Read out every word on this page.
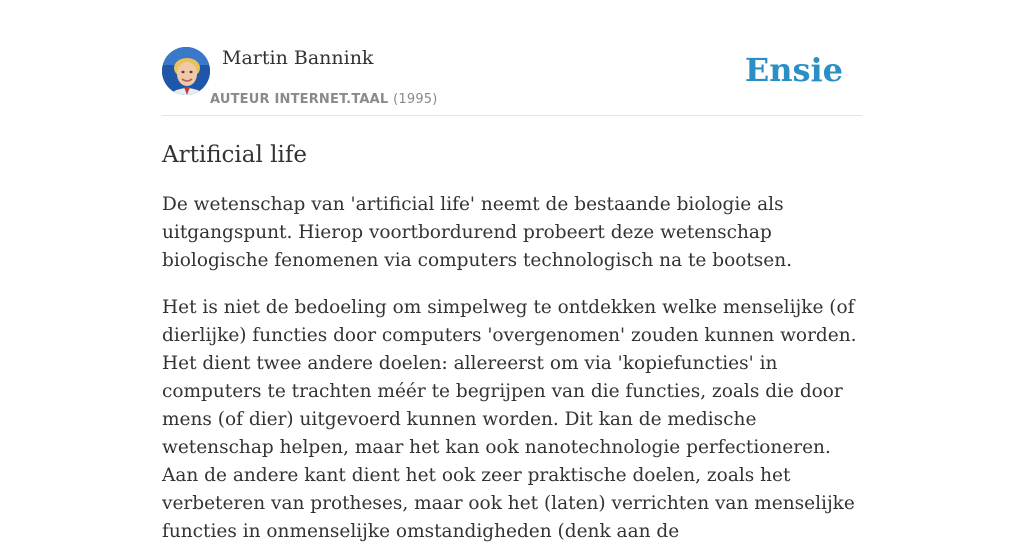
Martin Bannink
AUTEUR INTERNET.TAAL (1995)
Ensie
Artificial life

De wetenschap van 'artificial life' neemt de bestaande biologie als uitgangspunt. Hierop voortbordurend probeert deze wetenschap biologische fenomenen via computers technologisch na te bootsen.

Het is niet de bedoeling om simpelweg te ontdekken welke menselijke (of dierlijke) functies door computers 'overgenomen' zouden kunnen worden. Het dient twee andere doelen: allereerst om via 'kopiefuncties' in computers te trachten méér te begrijpen van die functies, zoals die door mens (of dier) uitgevoerd kunnen worden. Dit kan de medische wetenschap helpen, maar het kan ook nanotechnologie perfectioneren. Aan de andere kant dient het ook zeer praktische doelen, zoals het verbeteren van protheses, maar ook het (laten) verrichten van menselijke functies in onmenselijke omstandigheden (denk aan de
